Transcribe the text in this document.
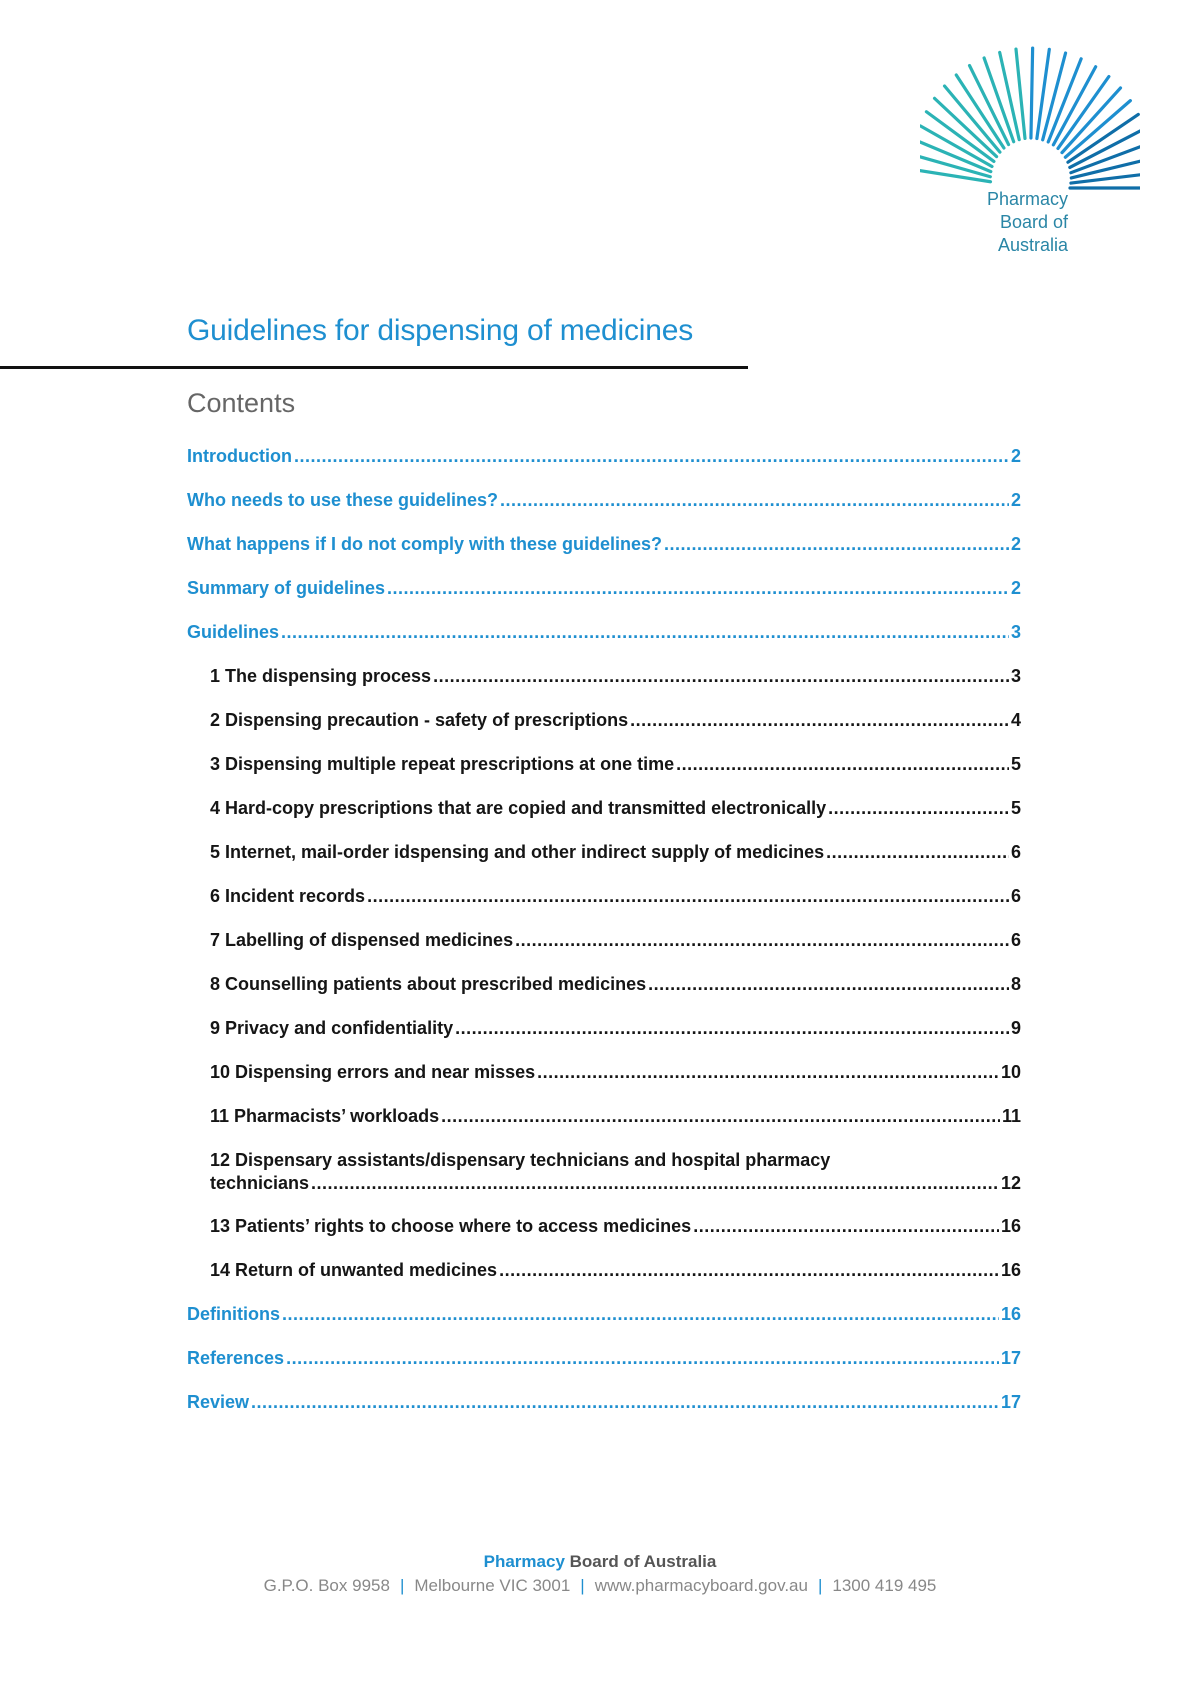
Pharmacy
Board of
Australia
Guidelines for dispensing of medicines
Contents
Introduction .....	2
Who needs to use these guidelines? .....	2
What happens if I do not comply with these guidelines? .....	2
Summary of guidelines .....	2
Guidelines .....	3
1 The dispensing process .....	3
2 Dispensing precaution - safety of prescriptions .....	4
3 Dispensing multiple repeat prescriptions at one time .....	5
4 Hard-copy prescriptions that are copied and transmitted electronically .....	5
5 Internet, mail-order idspensing and other indirect supply of medicines .....	6
6 Incident records .....	6
7 Labelling of dispensed medicines .....	6
8 Counselling patients about prescribed medicines .....	8
9 Privacy and confidentiality .....	9
10 Dispensing errors and near misses .....	10
11 Pharmacists’ workloads .....	11
12 Dispensary assistants/dispensary technicians and hospital pharmacy
technicians .....	12
13 Patients’ rights to choose where to access medicines .....	16
14 Return of unwanted medicines .....	16
Definitions .....	16
References .....	17
Review .....	17
Pharmacy Board of Australia
G.P.O. Box 9958 | Melbourne VIC 3001 | www.pharmacyboard.gov.au | 1300 419 495
